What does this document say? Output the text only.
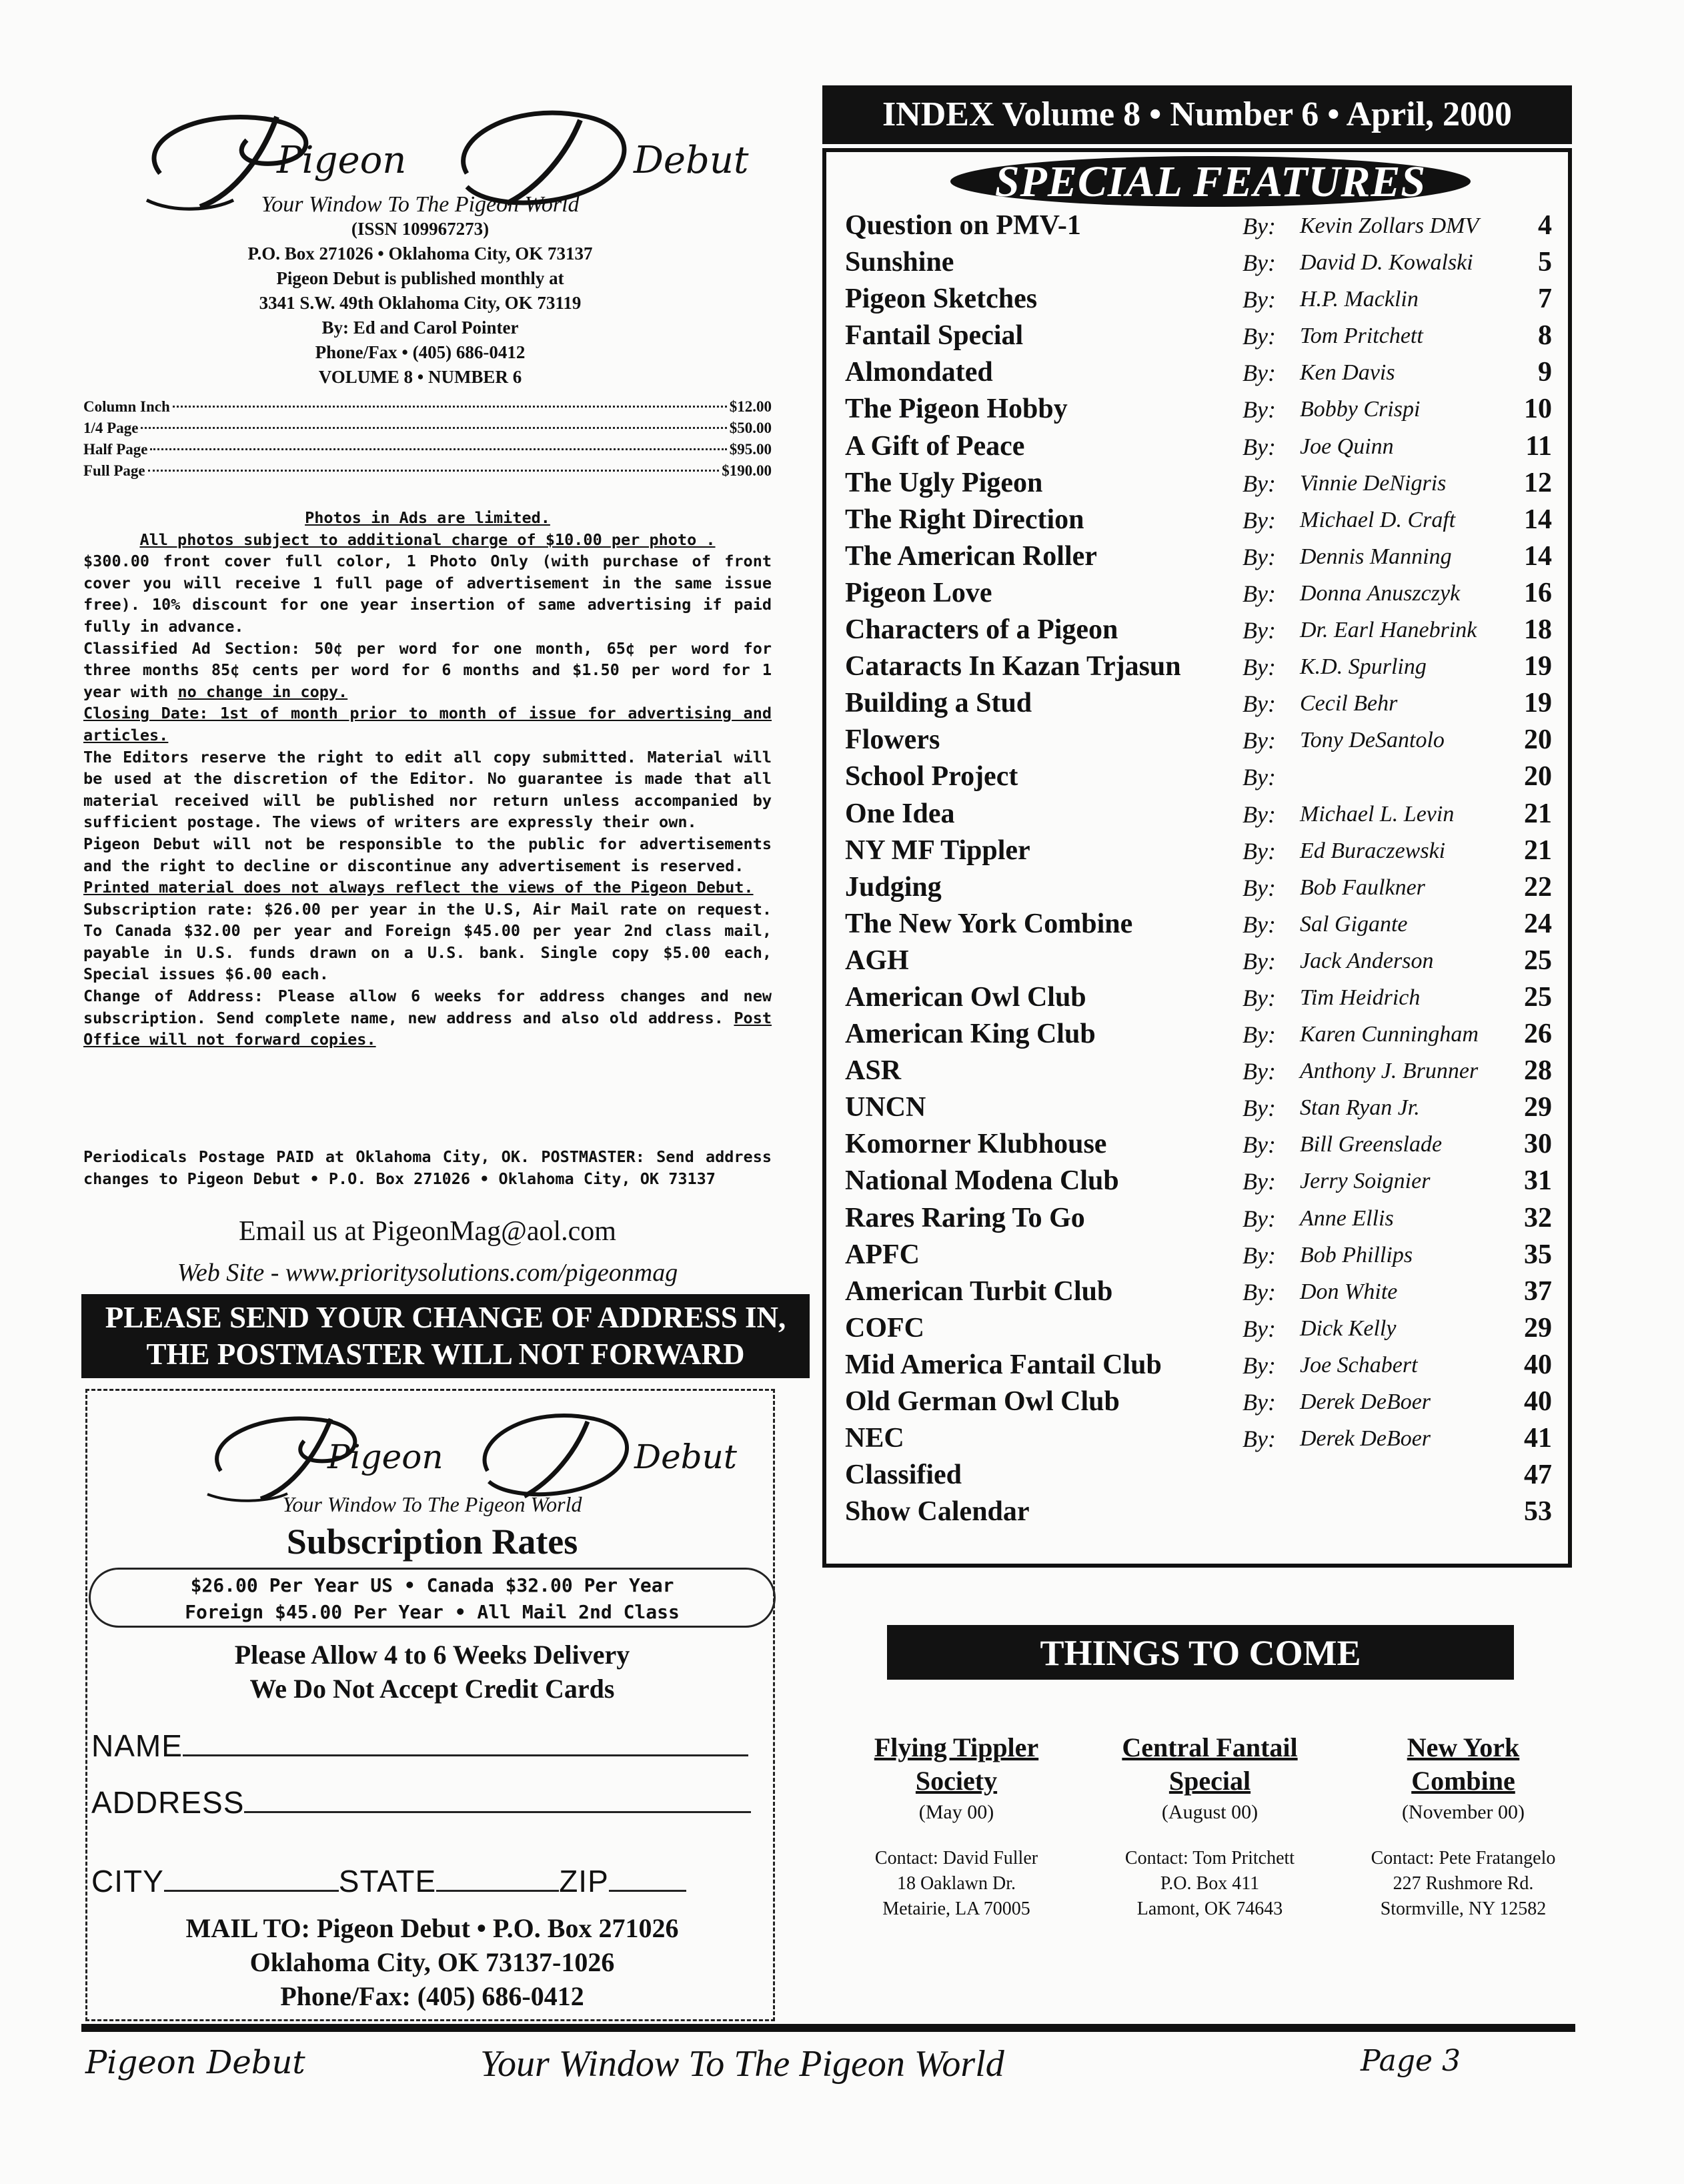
Pigeon	Debut
Your Window To The Pigeon World
(ISSN 109967273)
P.O. Box 271026 • Oklahoma City, OK 73137
Pigeon Debut is published monthly at
3341 S.W. 49th Oklahoma City, OK 73119
By: Ed and Carol Pointer
Phone/Fax • (405) 686-0412
VOLUME 8 • NUMBER 6
Column Inch	$12.00
1/4 Page	$50.00
Half Page	$95.00
Full Page	$190.00

Photos in Ads are limited.

All photos subject to additional charge of $10.00 per photo .

$300.00 front cover full color, 1 Photo Only (with purchase of front cover you will receive 1 full page of advertisement in the same issue free). 10% discount for one year insertion of same advertising if paid fully in advance.

Classified Ad Section: 50¢ per word for one month, 65¢ per word for three months 85¢ cents per word for 6 months and $1.50 per word for 1 year with no change in copy.

Closing Date: 1st of month prior to month of issue for advertising and articles.

The Editors reserve the right to edit all copy submitted. Material will be used at the discretion of the Editor. No guarantee is made that all material received will be published nor return unless accompanied by sufficient postage. The views of writers are expressly their own.

Pigeon Debut will not be responsible to the public for advertisements and the right to decline or discontinue any advertisement is reserved.

Printed material does not always reflect the views of the Pigeon Debut.

Subscription rate: $26.00 per year in the U.S, Air Mail rate on request. To Canada $32.00 per year and Foreign $45.00 per year 2nd class mail, payable in U.S. funds drawn on a U.S. bank. Single copy $5.00 each, Special issues $6.00 each.

Change of Address: Please allow 6 weeks for address changes and new subscription. Send complete name, new address and also old address. Post Office will not forward copies.

Periodicals Postage PAID at Oklahoma City, OK. POSTMASTER: Send address changes to Pigeon Debut • P.O. Box 271026 • Oklahoma City, OK 73137
Email us at PigeonMag@aol.com
Web Site - www.prioritysolutions.com/pigeonmag
PLEASE SEND YOUR CHANGE OF ADDRESS IN,
THE POSTMASTER WILL NOT FORWARD
Pigeon	Debut
Your Window To The Pigeon World
Subscription Rates
$26.00 Per Year US • Canada $32.00 Per Year
Foreign $45.00 Per Year • All Mail 2nd Class
Please Allow 4 to 6 Weeks Delivery
We Do Not Accept Credit Cards
NAME
ADDRESS
CITY	STATE	ZIP
MAIL TO: Pigeon Debut • P.O. Box 271026
Oklahoma City, OK 73137-1026
Phone/Fax: (405) 686-0412
INDEX Volume 8 • Number 6 • April, 2000
SPECIAL FEATURES
Question on PMV-1	By: Kevin Zollars DMV 4
Sunshine	By: David D. Kowalski 5
Pigeon Sketches	By: H.P. Macklin	7
Fantail Special	By: Tom Pritchett	8
Almondated	By: Ken Davis	9
The Pigeon Hobby	By: Bobby Crispi	10
A Gift of Peace	By: Joe Quinn	11
The Ugly Pigeon	By: Vinnie DeNigris	12
The Right Direction	By: Michael D. Craft 14
The American Roller	By: Dennis Manning	14
Pigeon Love	By: Donna Anuszczyk 16
Characters of a Pigeon	By: Dr. Earl Hanebrink 18
Cataracts In Kazan Trjasun	By: K.D. Spurling	19
Building a Stud	By: Cecil Behr	19
Flowers	By: Tony DeSantolo	20
School Project	By:	20
One Idea	By: Michael L. Levin 21
NY MF Tippler	By: Ed Buraczewski	21
Judging	By: Bob Faulkner	22
The New York Combine	By: Sal Gigante	24
AGH	By: Jack Anderson	25
American Owl Club	By: Tim Heidrich	25
American King Club	By: Karen Cunningham 26
ASR	By: Anthony J. Brunner 28
UNCN	By: Stan Ryan Jr.	29
Komorner Klubhouse	By: Bill Greenslade	30
National Modena Club	By: Jerry Soignier	31
Rares Raring To Go	By: Anne Ellis	32
APFC	By: Bob Phillips	35
American Turbit Club	By: Don White	37
COFC	By: Dick Kelly	29
Mid America Fantail Club	By: Joe Schabert	40
Old German Owl Club	By: Derek DeBoer	40
NEC	By: Derek DeBoer	41
Classified	47
Show Calendar	53
THINGS TO COME
Flying Tippler
Society
(May 00)
Contact: David Fuller
18 Oaklawn Dr.
Metairie, LA 70005
Central Fantail
Special
(August 00)
Contact: Tom Pritchett
P.O. Box 411
Lamont, OK 74643
New York
Combine
(November 00)
Contact: Pete Fratangelo
227 Rushmore Rd.
Stormville, NY 12582
Pigeon Debut	Your Window To The Pigeon World	Page 3
